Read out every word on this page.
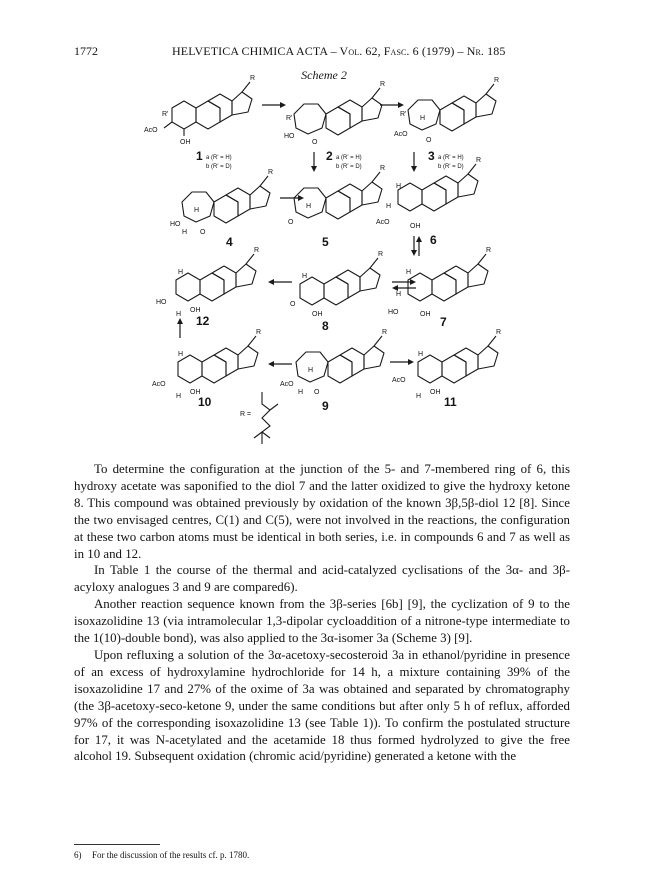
1772	HELVETICA CHIMICA ACTA – Vol. 62, Fasc. 6 (1979) – Nr. 185
Scheme 2
R
R'
AcO
OH
R
R'
HO
O
R
R'
H
AcO
O
1 a (R' = H)
b (R' = D)
2 a (R' = H)
b (R' = D)
3 a (R' = H)
b (R' = D)
R
H
HO
H O
R
H
O
R
H
H
AcO
OH
4	5	6
R
H
HO
H
OH
R
H
O
OH
R
H
H
HO	OH
12	8	7
R
H
AcO
H
OH
R
H
AcO
H O
R
H
AcO
H
OH
10	9	11
R =

To determine the configuration at the junction of the 5- and 7-membered ring of 6, this hydroxy acetate was saponified to the diol 7 and the latter oxidized to give the hydroxy ketone 8. This compound was obtained previously by oxidation of the known 3β,5β-diol 12 [8]. Since the two envisaged centres, C(1) and C(5), were not involved in the reactions, the configuration at these two carbon atoms must be identical in both series, i.e. in compounds 6 and 7 as well as in 10 and 12.

In Table 1 the course of the thermal and acid-catalyzed cyclisations of the 3α- and 3β-acyloxy analogues 3 and 9 are compared6).

Another reaction sequence known from the 3β-series [6b] [9], the cyclization of 9 to the isoxazolidine 13 (via intramolecular 1,3-dipolar cycloaddition of a nitrone-type intermediate to the 1(10)-double bond), was also applied to the 3α-isomer 3a (Scheme 3) [9].

Upon refluxing a solution of the 3α-acetoxy-secosteroid 3a in ethanol/pyridine in presence of an excess of hydroxylamine hydrochloride for 14 h, a mixture containing 39% of the isoxazolidine 17 and 27% of the oxime of 3a was obtained and separated by chromatography (the 3β-acetoxy-seco-ketone 9, under the same conditions but after only 5 h of reflux, afforded 97% of the corresponding isoxazolidine 13 (see Table 1)). To confirm the postulated structure for 17, it was N-acetylated and the acetamide 18 thus formed hydrolyzed to give the free alcohol 19. Subsequent oxidation (chromic acid/pyridine) generated a ketone with the

6) For the discussion of the results cf. p. 1780.
